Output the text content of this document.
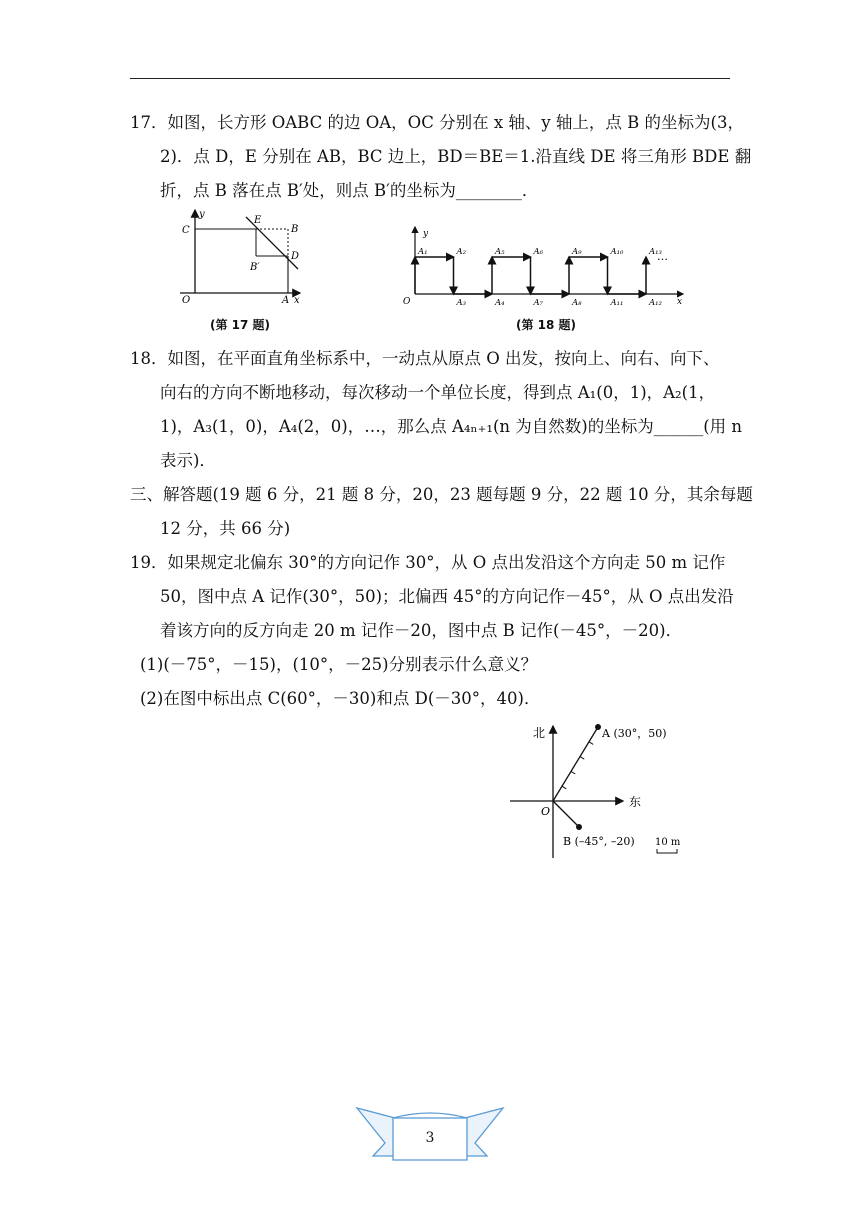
17．如图，长方形 OABC 的边 OA，OC 分别在 x 轴、y 轴上，点 B 的坐标为(3，
2)．点 D，E 分别在 AB，BC 边上，BD＝BE＝1.沿直线 DE 将三角形 BDE 翻
折，点 B 落在点 B′处，则点 B′的坐标为________．
y
C
E
B
D
B′
O	A x
(第 17 题)
y
O	x
A₁	A₂
A₃	A₄
A₅	A₆
A₇	A₈
A₉	A₁₀
A₁₁	A₁₂
A₁₃
…
(第 18 题)
18．如图，在平面直角坐标系中，一动点从原点 O 出发，按向上、向右、向下、
向右的方向不断地移动，每次移动一个单位长度，得到点 A₁(0，1)，A₂(1，
1)，A₃(1，0)，A₄(2，0)，…，那么点 A₄ₙ₊₁(n 为自然数)的坐标为______(用 n
表示)．
三、解答题(19 题 6 分，21 题 8 分，20，23 题每题 9 分，22 题 10 分，其余每题
12 分，共 66 分)
19．如果规定北偏东 30°的方向记作 30°，从 O 点出发沿这个方向走 50 m 记作
50，图中点 A 记作(30°，50)；北偏西 45°的方向记作－45°，从 O 点出发沿
着该方向的反方向走 20 m 记作－20，图中点 B 记作(－45°，－20)．
(1)(－75°，－15)，(10°，－25)分别表示什么意义？
(2)在图中标出点 C(60°，－30)和点 D(－30°，40)．
北
东
O
A (30°，50)
B (–45°, –20) 10 m
3
